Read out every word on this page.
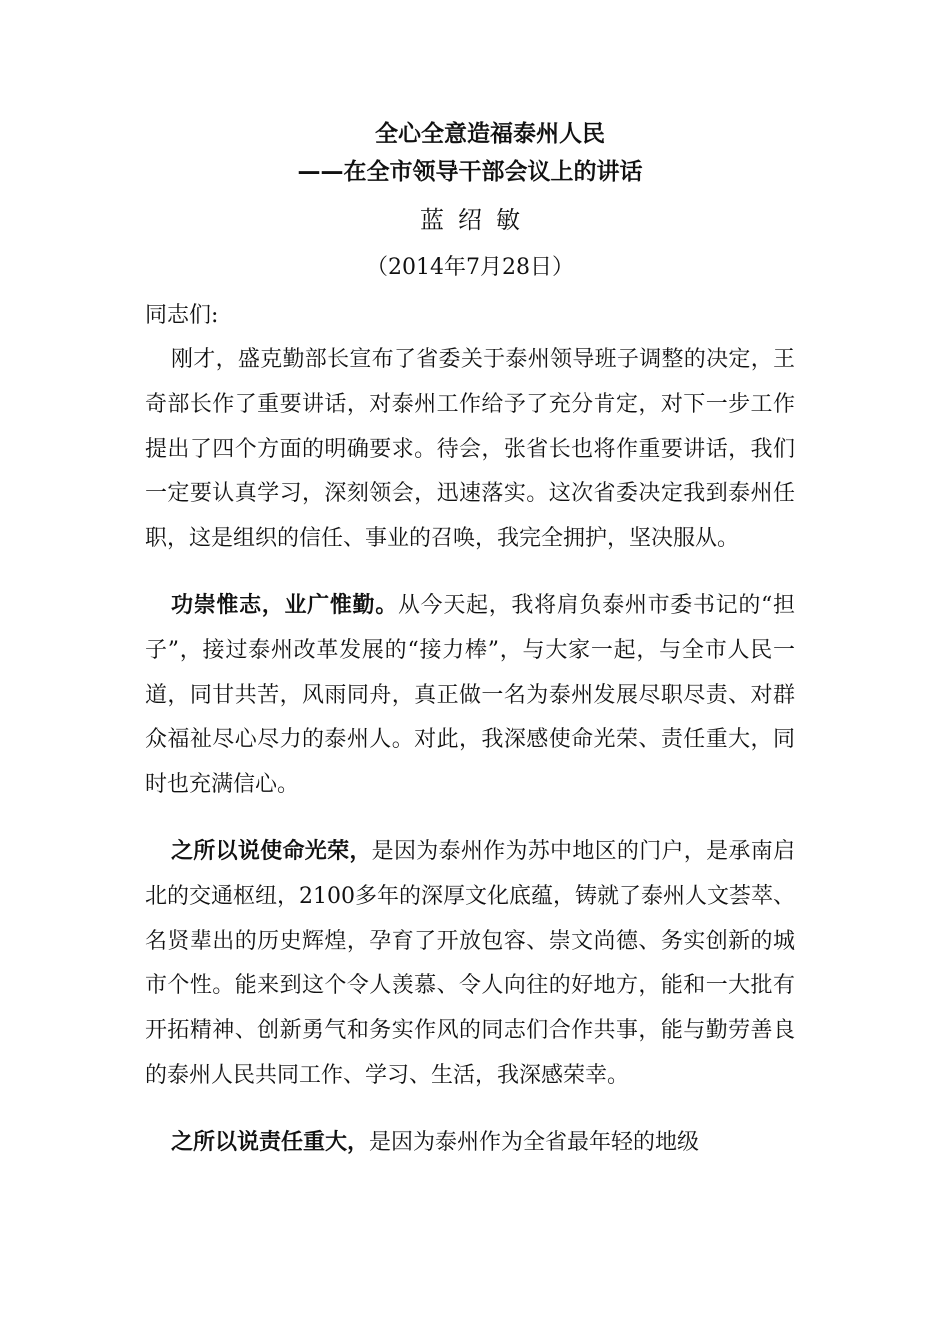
全心全意造福泰州人民
——在全市领导干部会议上的讲话
蓝绍敏
（2014年7月28日）
同志们:

刚才，盛克勤部长宣布了省委关于泰州领导班子调整的决定，王奇部长作了重要讲话，对泰州工作给予了充分肯定，对下一步工作提出了四个方面的明确要求。待会，张省长也将作重要讲话，我们一定要认真学习，深刻领会，迅速落实。这次省委决定我到泰州任职，这是组织的信任、事业的召唤，我完全拥护，坚决服从。

功崇惟志，业广惟勤。从今天起，我将肩负泰州市委书记的“担子”，接过泰州改革发展的“接力棒”，与大家一起，与全市人民一道，同甘共苦，风雨同舟，真正做一名为泰州发展尽职尽责、对群众福祉尽心尽力的泰州人。对此，我深感使命光荣、责任重大，同时也充满信心。

之所以说使命光荣，是因为泰州作为苏中地区的门户，是承南启北的交通枢纽，2100多年的深厚文化底蕴，铸就了泰州人文荟萃、名贤辈出的历史辉煌，孕育了开放包容、崇文尚德、务实创新的城市个性。能来到这个令人羡慕、令人向往的好地方，能和一大批有开拓精神、创新勇气和务实作风的同志们合作共事，能与勤劳善良的泰州人民共同工作、学习、生活，我深感荣幸。

之所以说责任重大，是因为泰州作为全省最年轻的地级
